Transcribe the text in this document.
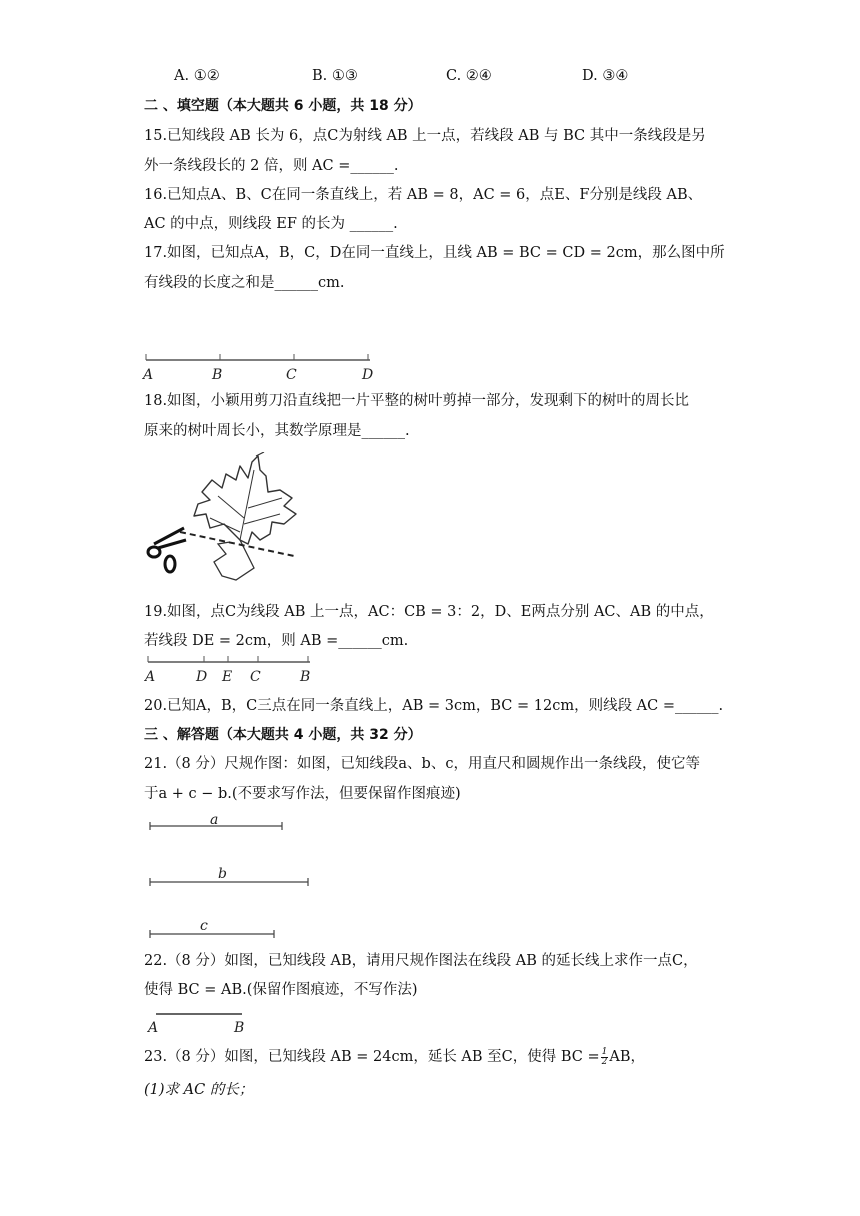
A. ①②	B. ①③	C. ②④	D. ③④
二 、填空题（本大题共 6 小题，共 18 分）
15.已知线段 AB 长为 6，点C为射线 AB 上一点，若线段 AB 与 BC 其中一条线段是另
外一条线段长的 2 倍，则 AC =______.
16.已知点A、B、C在同一条直线上，若 AB = 8，AC = 6，点E、F分别是线段 AB、
AC 的中点，则线段 EF 的长为 ______.
17.如图，已知点A，B，C，D在同一直线上，且线 AB = BC = CD = 2cm，那么图中所
有线段的长度之和是______cm.
A	B	C	D
18.如图，小颖用剪刀沿直线把一片平整的树叶剪掉一部分，发现剩下的树叶的周长比
原来的树叶周长小，其数学原理是______.
19.如图，点C为线段 AB 上一点，AC：CB = 3：2，D、E两点分别 AC、AB 的中点，
若线段 DE = 2cm，则 AB =______cm.
A	D E C	B
20.已知A，B，C三点在同一条直线上，AB = 3cm，BC = 12cm，则线段 AC =______.
三 、解答题（本大题共 4 小题，共 32 分）
21.（8 分）尺规作图：如图，已知线段a、b、c，用直尺和圆规作出一条线段，使它等
于a + c − b.(不要求写作法，但要保留作图痕迹)
a
b
c
22.（8 分）如图，已知线段 AB，请用尺规作图法在线段 AB 的延长线上求作一点C，
使得 BC = AB.(保留作图痕迹，不写作法)
A	B
23.（8 分）如图，已知线段 AB = 24cm，延长 AB 至C，使得 BC = $\frac{1}{2}$ AB，
(1)求 AC 的长；
